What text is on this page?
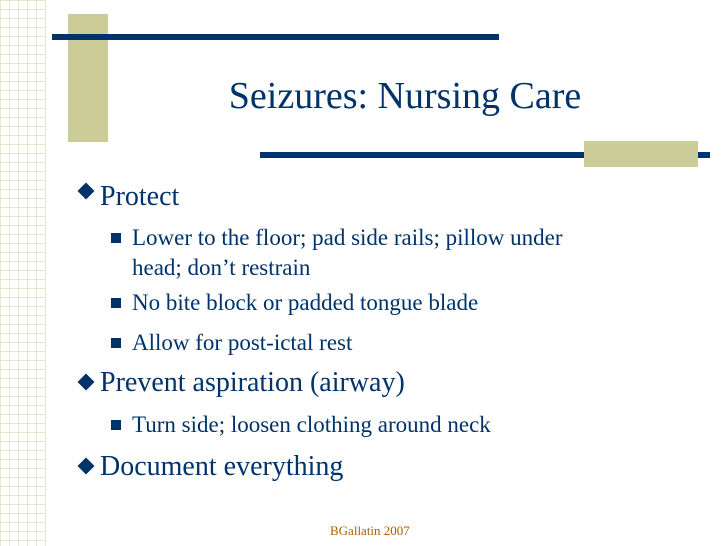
Seizures: Nursing Care
Protect
Lower to the floor; pad side rails; pillow under
head; don’t restrain
No bite block or padded tongue blade
Allow for post-ictal rest
Prevent aspiration (airway)
Turn side; loosen clothing around neck
Document everything
BGallatin 2007
